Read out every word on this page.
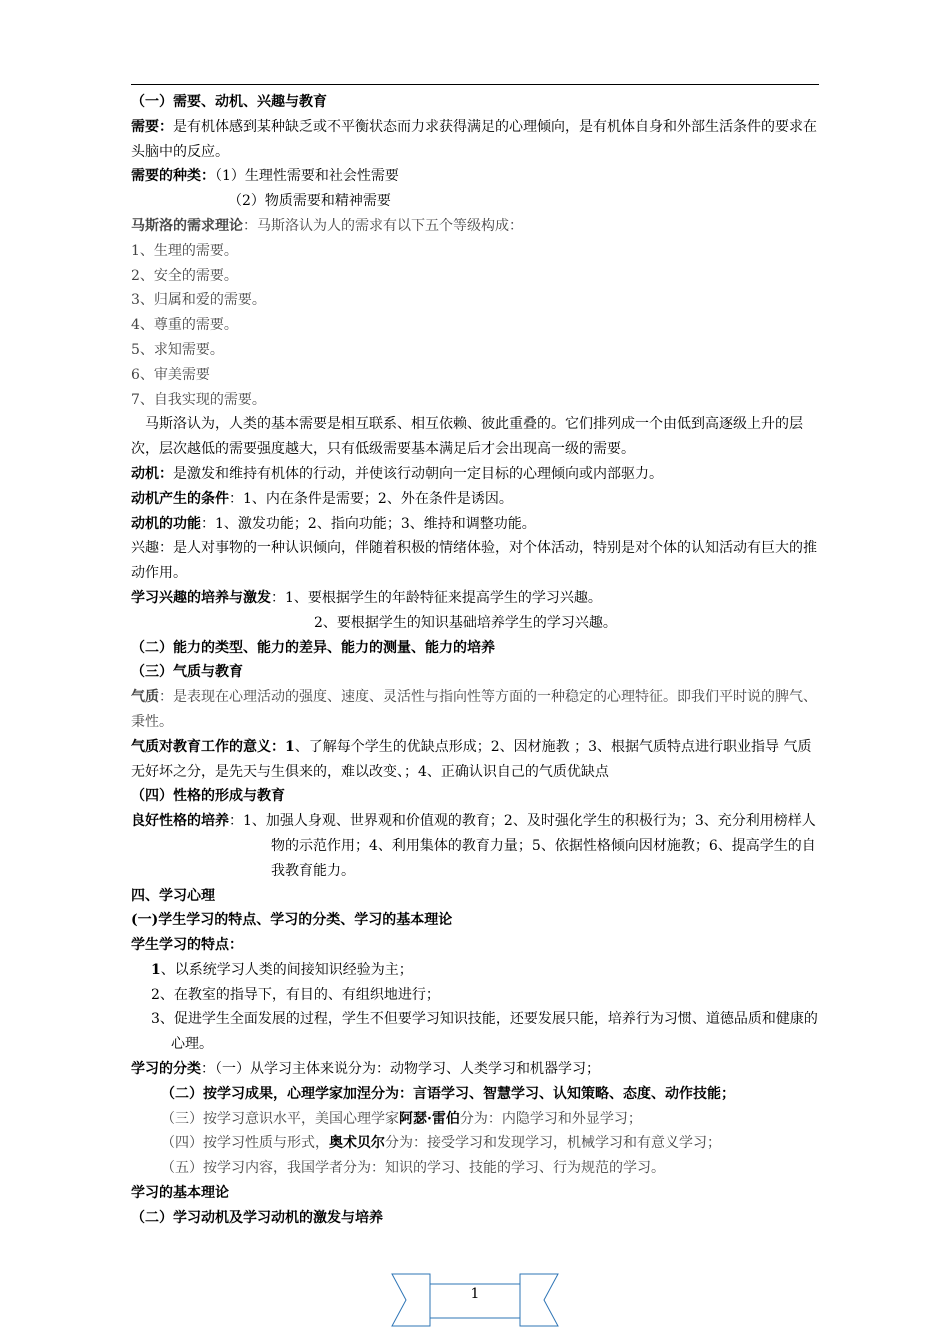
（一）需要、动机、兴趣与教育
需要：是有机体感到某种缺乏或不平衡状态而力求获得满足的心理倾向，是有机体自身和外部生活条件的要求在头脑中的反应。
需要的种类：（1）生理性需要和社会性需要
（2）物质需要和精神需要
马斯洛的需求理论：马斯洛认为人的需求有以下五个等级构成：
1、生理的需要。
2、安全的需要。
3、归属和爱的需要。
4、尊重的需要。
5、求知需要。
6、审美需要
7、自我实现的需要。
马斯洛认为，人类的基本需要是相互联系、相互依赖、彼此重叠的。它们排列成一个由低到高逐级上升的层次，层次越低的需要强度越大，只有低级需要基本满足后才会出现高一级的需要。
动机：是激发和维持有机体的行动，并使该行动朝向一定目标的心理倾向或内部驱力。
动机产生的条件：1、内在条件是需要；2、外在条件是诱因。
动机的功能：1、激发功能；2、指向功能；3、维持和调整功能。
兴趣：是人对事物的一种认识倾向，伴随着积极的情绪体验，对个体活动，特别是对个体的认知活动有巨大的推动作用。
学习兴趣的培养与激发：1、要根据学生的年龄特征来提高学生的学习兴趣。
2、要根据学生的知识基础培养学生的学习兴趣。
（二）能力的类型、能力的差异、能力的测量、能力的培养
（三）气质与教育
气质：是表现在心理活动的强度、速度、灵活性与指向性等方面的一种稳定的心理特征。即我们平时说的脾气、秉性。
气质对教育工作的意义：1、了解每个学生的优缺点形成；2、因材施教 ；3、根据气质特点进行职业指导 气质无好坏之分，是先天与生俱来的，难以改变、；4、正确认识自己的气质优缺点
（四）性格的形成与教育
良好性格的培养：1、加强人身观、世界观和价值观的教育；2、及时强化学生的积极行为；3、充分利用榜样人物的示范作用；4、利用集体的教育力量；5、依据性格倾向因材施教；6、提高学生的自我教育能力。
四、学习心理
(一)学生学习的特点、学习的分类、学习的基本理论
学生学习的特点：
1、以系统学习人类的间接知识经验为主；
2、在教室的指导下，有目的、有组织地进行；
3、促进学生全面发展的过程，学生不但要学习知识技能，还要发展只能，培养行为习惯、道德品质和健康的心理。
学习的分类：（一）从学习主体来说分为：动物学习、人类学习和机器学习；
（二）按学习成果，心理学家加涅分为：言语学习、智慧学习、认知策略、态度、动作技能；
（三）按学习意识水平，美国心理学家阿瑟·雷伯分为：内隐学习和外显学习；
（四）按学习性质与形式，奥术贝尔分为：接受学习和发现学习，机械学习和有意义学习；
（五）按学习内容，我国学者分为：知识的学习、技能的学习、行为规范的学习。
学习的基本理论
（二）学习动机及学习动机的激发与培养
1
